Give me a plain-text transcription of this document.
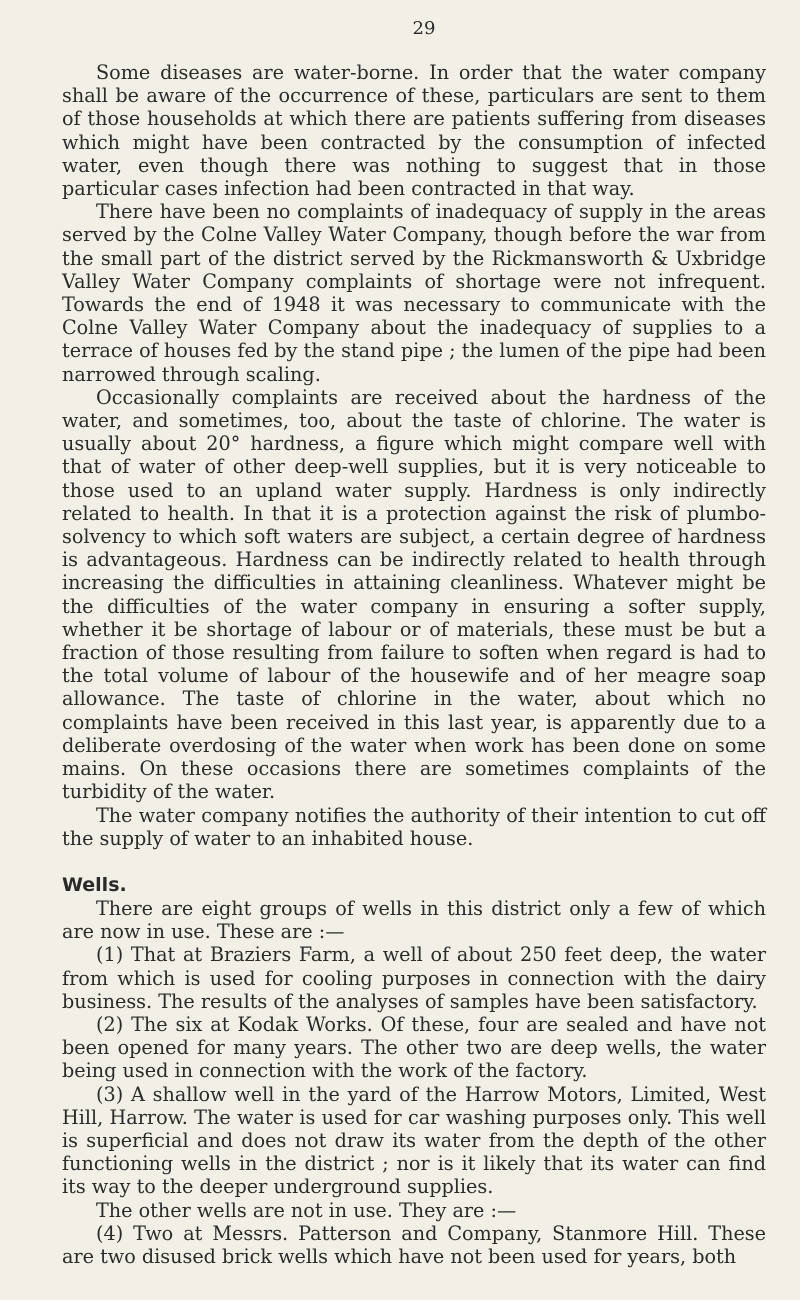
29

Some diseases are water-borne. In order that the water company shall be aware of the occurrence of these, particulars are sent to them of those households at which there are patients suffering from diseases which might have been contracted by the consumption of infected water, even though there was nothing to suggest that in those particular cases infection had been contracted in that way.

There have been no complaints of inadequacy of supply in the areas served by the Colne Valley Water Company, though before the war from the small part of the district served by the Rickmansworth & Uxbridge Valley Water Company complaints of shortage were not infrequent. Towards the end of 1948 it was necessary to communicate with the Colne Valley Water Company about the inadequacy of supplies to a terrace of houses fed by the stand pipe ; the lumen of the pipe had been narrowed through scaling.

Occasionally complaints are received about the hardness of the water, and sometimes, too, about the taste of chlorine. The water is usually about 20° hardness, a figure which might compare well with that of water of other deep-well supplies, but it is very noticeable to those used to an upland water supply. Hardness is only indirectly related to health. In that it is a protection against the risk of plumbo-solvency to which soft waters are subject, a certain degree of hardness is advantageous. Hardness can be indirectly related to health through increasing the difficulties in attaining cleanliness. Whatever might be the difficulties of the water company in ensuring a softer supply, whether it be shortage of labour or of materials, these must be but a fraction of those resulting from failure to soften when regard is had to the total volume of labour of the housewife and of her meagre soap allowance. The taste of chlorine in the water, about which no complaints have been received in this last year, is apparently due to a deliberate overdosing of the water when work has been done on some mains. On these occasions there are sometimes complaints of the turbidity of the water.

The water company notifies the authority of their intention to cut off the supply of water to an inhabited house.

Wells.

There are eight groups of wells in this district only a few of which are now in use. These are :—

(1) That at Braziers Farm, a well of about 250 feet deep, the water from which is used for cooling purposes in connection with the dairy business. The results of the analyses of samples have been satisfactory.

(2) The six at Kodak Works. Of these, four are sealed and have not been opened for many years. The other two are deep wells, the water being used in connection with the work of the factory.

(3) A shallow well in the yard of the Harrow Motors, Limited, West Hill, Harrow. The water is used for car washing purposes only. This well is superficial and does not draw its water from the depth of the other functioning wells in the district ; nor is it likely that its water can find its way to the deeper underground supplies.

The other wells are not in use. They are :—

(4) Two at Messrs. Patterson and Company, Stanmore Hill. These are two disused brick wells which have not been used for years, both
